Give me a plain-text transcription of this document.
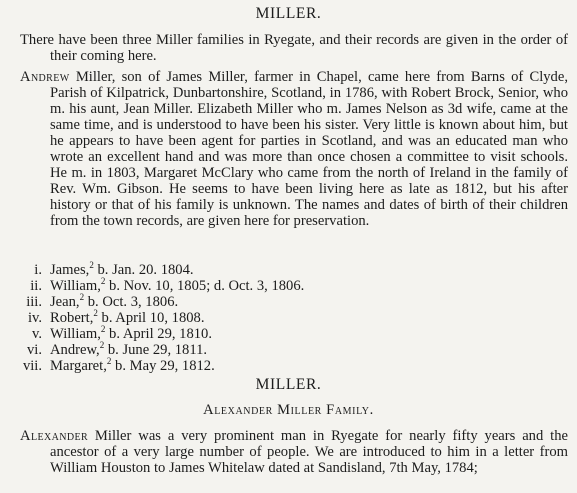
MILLER.
There have been three Miller families in Ryegate, and their records are given in the order of their coming here.
Andrew Miller, son of James Miller, farmer in Chapel, came here from Barns of Clyde, Parish of Kilpatrick, Dunbartonshire, Scotland, in 1786, with Robert Brock, Senior, who m. his aunt, Jean Miller. Elizabeth Miller who m. James Nelson as 3d wife, came at the same time, and is understood to have been his sister. Very little is known about him, but he appears to have been agent for parties in Scotland, and was an educated man who wrote an excellent hand and was more than once chosen a committee to visit schools. He m. in 1803, Margaret McClary who came from the north of Ireland in the family of Rev. Wm. Gibson. He seems to have been living here as late as 1812, but his after history or that of his family is unknown. The names and dates of birth of their children from the town records, are given here for preservation.
i. James,$^2$ b. Jan. 20. 1804.
ii. William,$^2$ b. Nov. 10, 1805; d. Oct. 3, 1806.
iii. Jean,$^2$ b. Oct. 3, 1806.
iv. Robert,$^2$ b. April 10, 1808.
v. William,$^2$ b. April 29, 1810.
vi. Andrew,$^2$ b. June 29, 1811.
vii. Margaret,$^2$ b. May 29, 1812.
MILLER.
Alexander Miller Family.
Alexander Miller was a very prominent man in Ryegate for nearly fifty years and the ancestor of a very large number of people. We are introduced to him in a letter from William Houston to James Whitelaw dated at Sandisland, 7th May, 1784;
